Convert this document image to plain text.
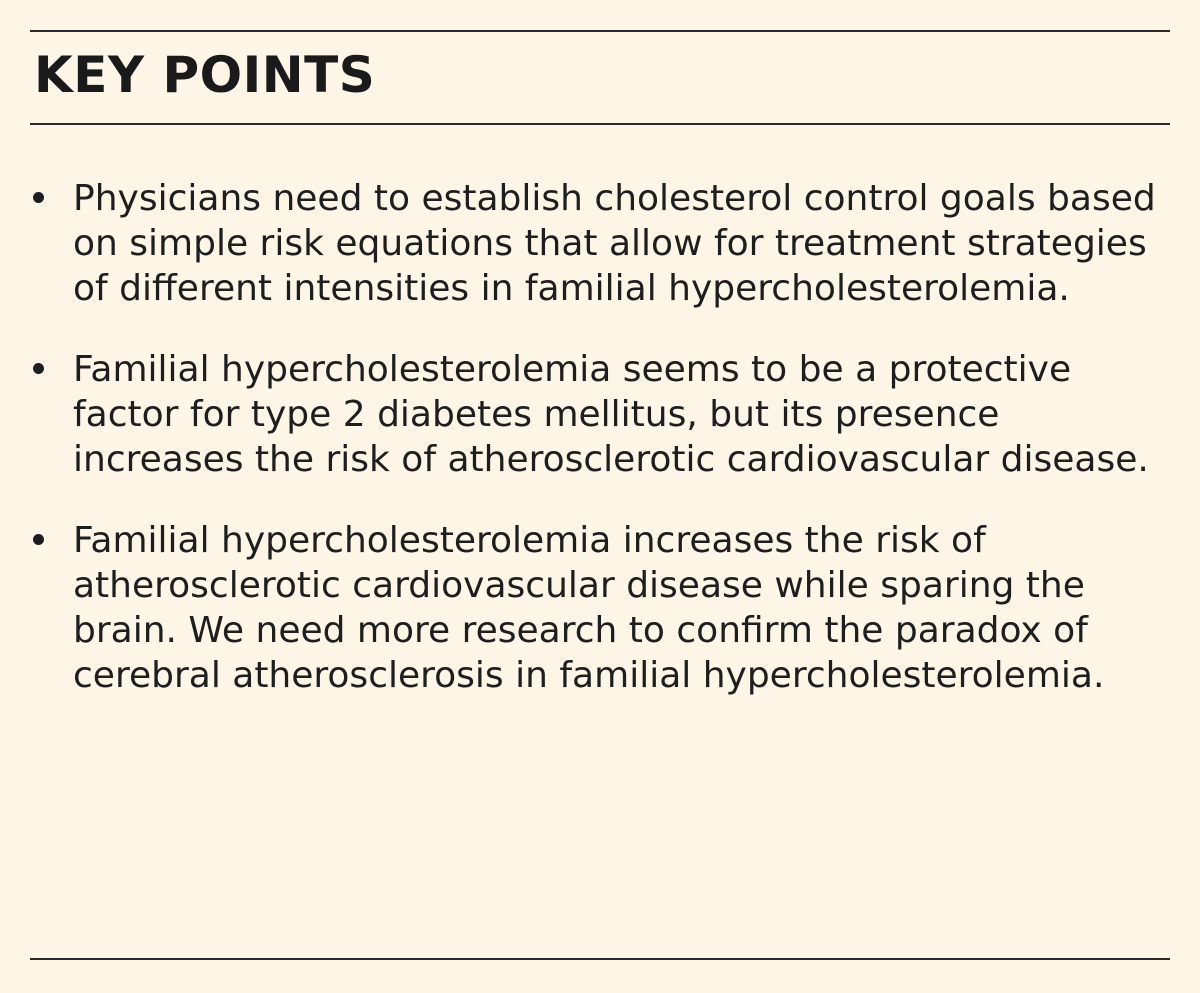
KEY POINTS
Physicians need to establish cholesterol control goals based on simple risk equations that allow for treatment strategies of different intensities in familial hypercholesterolemia.
Familial hypercholesterolemia seems to be a protective factor for type 2 diabetes mellitus, but its presence increases the risk of atherosclerotic cardiovascular disease.
Familial hypercholesterolemia increases the risk of atherosclerotic cardiovascular disease while sparing the brain. We need more research to confirm the paradox of cerebral atherosclerosis in familial hypercholesterolemia.
